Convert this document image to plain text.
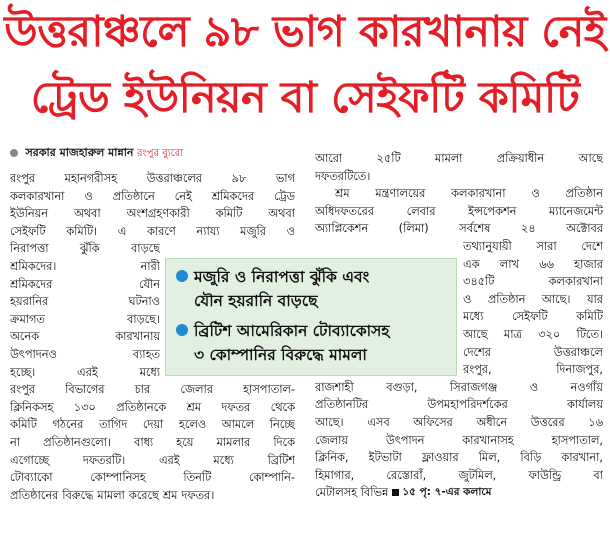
উত্তরাঞ্চলে ৯৮ ভাগ কারখানায় নেই
ট্রেড ইউনিয়ন বা সেইফটি কমিটি
সরকার মাজহারুল মান্নান রংপুর ব্যুরো
রংপুর	মহানগরীসহ	উত্তরাঞ্চলের	৯৮	ভাগ
কলকারখানা ও প্রতিষ্ঠানে নেই শ্রমিকদের ট্রেড
ইউনিয়ন অথবা অংশগ্রহণকারী কমিটি অথবা
সেইফটি কমিটি। এ কারণে ন্যায্য মজুরি ও
নিরাপত্তা	ঝুঁকি	বাড়ছে
শ্রমিকদের।	নারী
শ্রমিকদের	যৌন
হয়রানির	ঘটনাও
ক্রমাগত	বাড়ছে।
অনেক	কারখানায়
উৎপাদনও	ব্যাহত
হচ্ছে।	এরই	মধ্যে
রংপুর	বিভাগের	চার	জেলার	হাসপাতাল-
ক্লিনিকসহ ১৩০ প্রতিষ্ঠানকে শ্রম দফতর থেকে
কমিটি গঠনের তাগিদ দেয়া হলেও আমলে নিচ্ছে
না প্রতিষ্ঠানগুলো। বাধ্য হয়ে মামলার দিকে
এগোচ্ছে	দফতরটি।	এরই	মধ্যে	ব্রিটিশ
টোব্যাকো	কোম্পানিসহ	তিনটি	কোম্পানি-
প্রতিষ্ঠানের বিরুদ্ধে মামলা করেছে শ্রম দফতর।
আরো	২৫টি	মামলা	প্রক্রিয়াধীন	আছে
দফতরটিতে।
শ্রম মন্ত্রণালয়ের কলকারখানা ও প্রতিষ্ঠান
অধিদফতরের	লেবার	ইন্সপেকশন	ম্যানেজমেন্ট
অ্যাপ্লিকেশন	(লিমা)	সর্বশেষ	২৪	অক্টোবর
তথ্যানুযায়ী সারা দেশে
এক লাখ ৬৬ হাজার
৩৪৫টি	কলকারখানা
ও প্রতিষ্ঠান আছে। যার
মধ্যে	সেইফটি	কমিটি
আছে মাত্র ৩২০ টিতে।
দেশের	উত্তরাঞ্চলে
রংপুর,	দিনাজপুর,
রাজশাহী	বগুড়া,	সিরাজগঞ্জ	ও	নওগাঁয়
প্রতিষ্ঠানটির	উপমহাপরিদর্শকের	কার্যালয়
আছে। এসব অফিসের অধীনে উত্তরের ১৬
জেলায়	উৎপাদন	কারখানাসহ	হাসপাতাল,
ক্লিনিক, ইটভাটা ফ্লাওয়ার মিল, বিড়ি কারখানা,
হিমাগার,	রেস্তোরাঁ,	জুটমিল,	ফাউন্ড্রি	বা
মেটালসহ বিভিন্ন	১৫ পৃ: ৭-এর কলামে
মজুরি ও নিরাপত্তা ঝুঁকি এবং
যৌন হয়রানি বাড়ছে
ব্রিটিশ আমেরিকান টোব্যাকোসহ
৩ কোম্পানির বিরুদ্ধে মামলা
